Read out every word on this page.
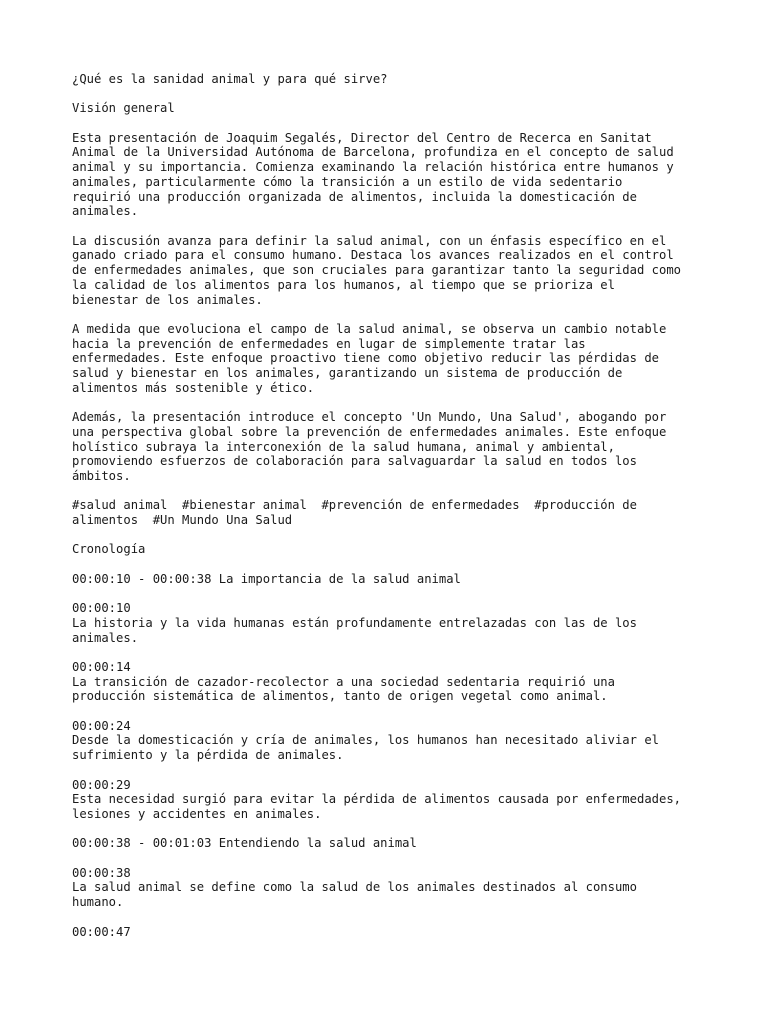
¿Qué es la sanidad animal y para qué sirve?

Visión general

Esta presentación de Joaquim Segalés, Director del Centro de Recerca en Sanitat
Animal de la Universidad Autónoma de Barcelona, profundiza en el concepto de salud
animal y su importancia. Comienza examinando la relación histórica entre humanos y
animales, particularmente cómo la transición a un estilo de vida sedentario
requirió una producción organizada de alimentos, incluida la domesticación de
animales.

La discusión avanza para definir la salud animal, con un énfasis específico en el
ganado criado para el consumo humano. Destaca los avances realizados en el control
de enfermedades animales, que son cruciales para garantizar tanto la seguridad como
la calidad de los alimentos para los humanos, al tiempo que se prioriza el
bienestar de los animales.

A medida que evoluciona el campo de la salud animal, se observa un cambio notable
hacia la prevención de enfermedades en lugar de simplemente tratar las
enfermedades. Este enfoque proactivo tiene como objetivo reducir las pérdidas de
salud y bienestar en los animales, garantizando un sistema de producción de
alimentos más sostenible y ético.

Además, la presentación introduce el concepto 'Un Mundo, Una Salud', abogando por
una perspectiva global sobre la prevención de enfermedades animales. Este enfoque
holístico subraya la interconexión de la salud humana, animal y ambiental,
promoviendo esfuerzos de colaboración para salvaguardar la salud en todos los
ámbitos.

#salud animal  #bienestar animal  #prevención de enfermedades  #producción de
alimentos  #Un Mundo Una Salud

Cronología

00:00:10 - 00:00:38 La importancia de la salud animal

00:00:10

La historia y la vida humanas están profundamente entrelazadas con las de los
animales.

00:00:14

La transición de cazador-recolector a una sociedad sedentaria requirió una
producción sistemática de alimentos, tanto de origen vegetal como animal.

00:00:24

Desde la domesticación y cría de animales, los humanos han necesitado aliviar el
sufrimiento y la pérdida de animales.

00:00:29

Esta necesidad surgió para evitar la pérdida de alimentos causada por enfermedades,
lesiones y accidentes en animales.

00:00:38 - 00:01:03 Entendiendo la salud animal

00:00:38

La salud animal se define como la salud de los animales destinados al consumo
humano.

00:00:47
